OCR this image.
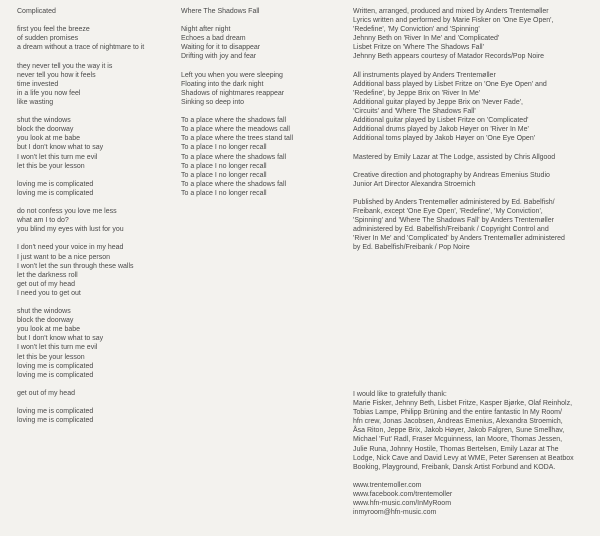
Complicated
first you feel the breeze
of sudden promises
a dream without a trace of nightmare to it
they never tell you the way it is
never tell you how it feels
time invested
in a life you now feel
like wasting
shut the windows
block the doorway
you look at me babe
but I don't know what to say
I won't let this turn me evil
let this be your lesson
loving me is complicated
loving me is complicated
do not confess you love me less
what am I to do?
you blind my eyes with lust for you
I don't need your voice in my head
I just want to be a nice person
I won't let the sun through these walls
let the darkness roll
get out of my head
I need you to get out
shut the windows
block the doorway
you look at me babe
but I don't know what to say
I won't let this turn me evil
let this be your lesson
loving me is complicated
loving me is complicated
get out of my head
loving me is complicated
loving me is complicated
Where The Shadows Fall
Night after night
Echoes a bad dream
Waiting for it to disappear
Drifting with joy and fear
Left you when you were sleeping
Floating into the dark night
Shadows of nightmares reappear
Sinking so deep into
To a place where the shadows fall
To a place where the meadows call
To a place where the trees stand tall
To a place I no longer recall
To a place where the shadows fall
To a place I no longer recall
To a place I no longer recall
To a place where the shadows fall
To a place I no longer recall
Written, arranged, produced and mixed by Anders Trentemøller
Lyrics written and performed by Marie Fisker on 'One Eye Open',
'Redefine', 'My Conviction' and 'Spinning'
Jehnny Beth on 'River In Me' and 'Complicated'
Lisbet Fritze on 'Where The Shadows Fall'
Jehnny Beth appears courtesy of Matador Records/Pop Noire
All instruments played by Anders Trentemøller
Additional bass played by Lisbet Fritze on 'One Eye Open' and
'Redefine', by Jeppe Brix on 'River In Me'
Additional guitar played by Jeppe Brix on 'Never Fade',
'Circuits' and 'Where The Shadows Fall'
Additional guitar played by Lisbet Fritze on 'Complicated'
Additional drums played by Jakob Høyer on 'River In Me'
Additional toms played by Jakob Høyer on 'One Eye Open'
Mastered by Emily Lazar at The Lodge, assisted by Chris Allgood
Creative direction and photography by Andreas Emenius Studio
Junior Art Director Alexandra Stroemich
Published by Anders Trentemøller administered by Ed. Babelfish/
Freibank, except 'One Eye Open', 'Redefine', 'My Conviction',
'Spinning' and 'Where The Shadows Fall' by Anders Trentemøller
administered by Ed. Babelfish/Freibank / Copyright Control and
'River In Me' and 'Complicated' by Anders Trentemøller administered
by Ed. Babelfish/Freibank / Pop Noire
I would like to gratefully thank:
Marie Fisker, Jehnny Beth, Lisbet Fritze, Kasper Bjørke, Olaf Reinholz,
Tobias Lampe, Philipp Brüning and the entire fantastic In My Room/
hfn crew, Jonas Jacobsen, Andreas Emenius, Alexandra Stroemich,
Åsa Riton, Jeppe Brix, Jakob Høyer, Jakob Falgren, Sune Smellhav,
Michael 'Fut' Radl, Fraser Mcguinness, Ian Moore, Thomas Jessen,
Julie Runa, Johnny Hostile, Thomas Bertelsen, Emily Lazar at The
Lodge, Nick Cave and David Levy at WME, Peter Sørensen at Beatbox
Booking, Playground, Freibank, Dansk Artist Forbund and KODA.
www.trentemoller.com
www.facebook.com/trentemoller
www.hfn-music.com/InMyRoom
inmyroom@hfn-music.com
